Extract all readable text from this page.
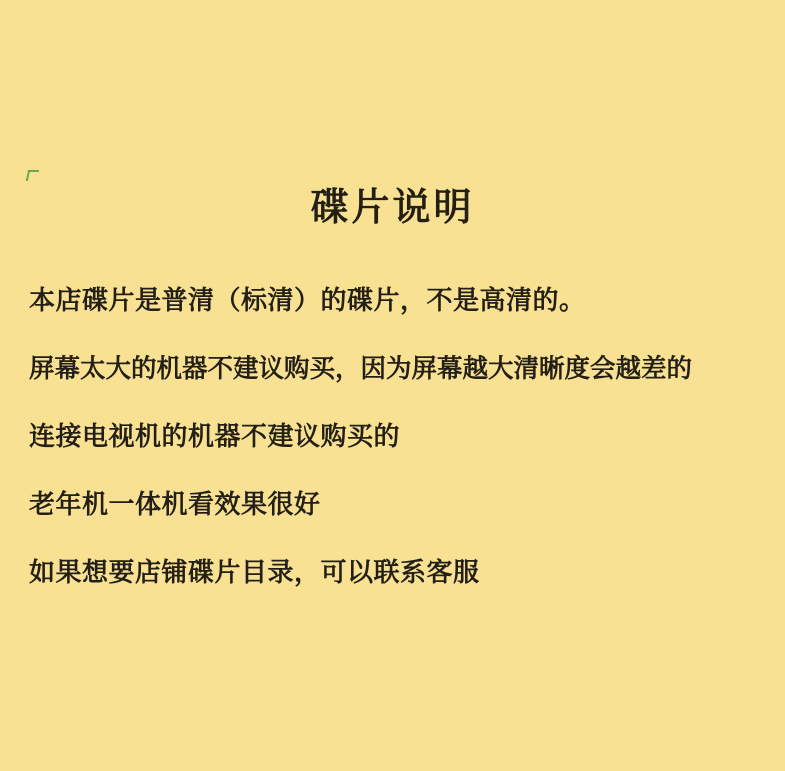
碟片说明
本店碟片是普清（标清）的碟片，不是高清的。
屏幕太大的机器不建议购买，因为屏幕越大清晰度会越差的
连接电视机的机器不建议购买的
老年机一体机看效果很好
如果想要店铺碟片目录，可以联系客服
